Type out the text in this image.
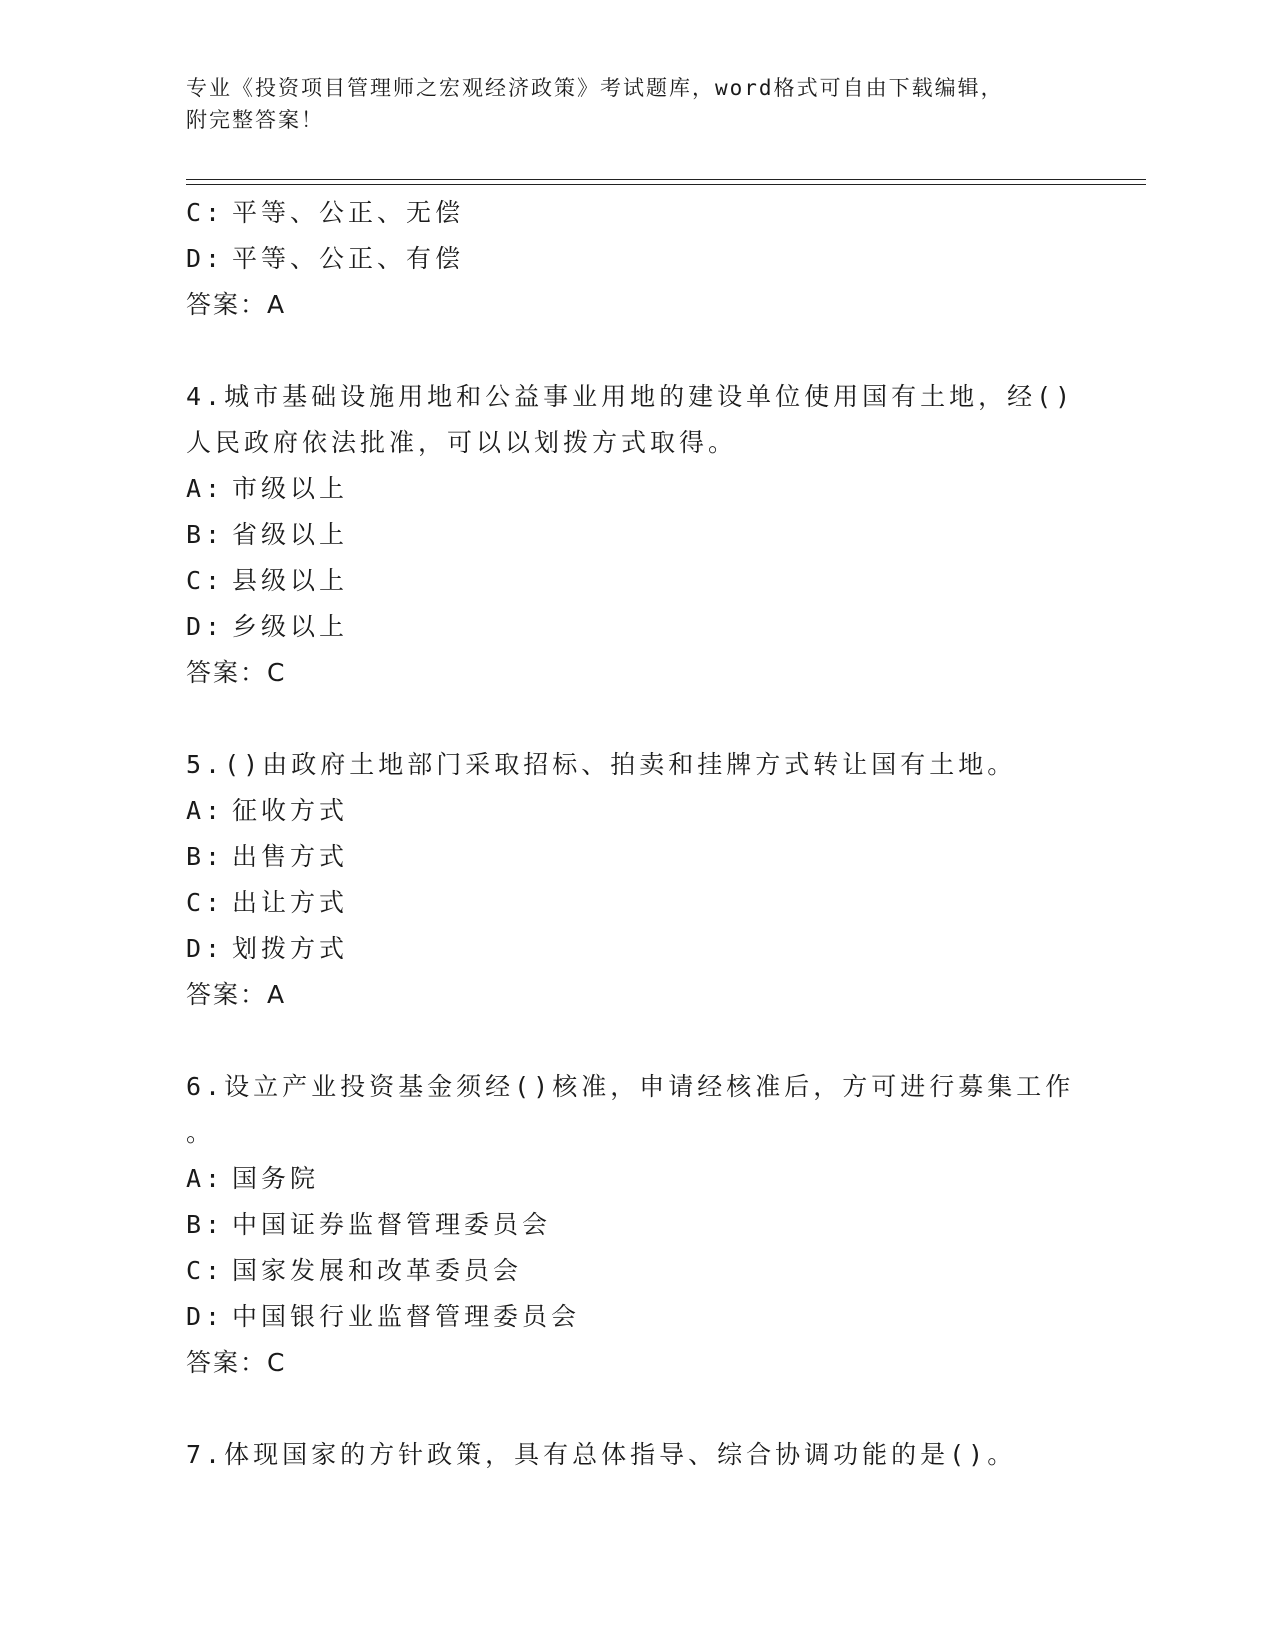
专业《投资项目管理师之宏观经济政策》考试题库，word格式可自由下载编辑，
附完整答案！
C: 平等、公正、无偿
D: 平等、公正、有偿
答案：A
4.城市基础设施用地和公益事业用地的建设单位使用国有土地，经()
人民政府依法批准，可以以划拨方式取得。
A: 市级以上
B: 省级以上
C: 县级以上
D: 乡级以上
答案：C
5.()由政府土地部门采取招标、拍卖和挂牌方式转让国有土地。
A: 征收方式
B: 出售方式
C: 出让方式
D: 划拨方式
答案：A
6.设立产业投资基金须经()核准，申请经核准后，方可进行募集工作
。
A: 国务院
B: 中国证券监督管理委员会
C: 国家发展和改革委员会
D: 中国银行业监督管理委员会
答案：C
7.体现国家的方针政策，具有总体指导、综合协调功能的是()。
